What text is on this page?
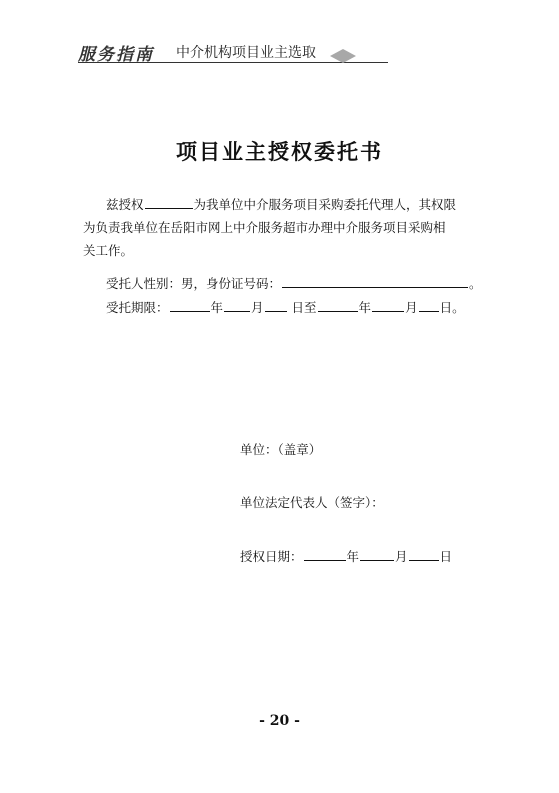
服务指南 中介机构项目业主选取
项目业主授权委托书
兹授权	为我单位中介服务项目采购委托代理人，其权限
为负责我单位在岳阳市网上中介服务超市办理中介服务项目采购相
关工作。
受托人性别：男，身份证号码：	。
受托期限：	年 月 日至	年	月 日。
单位：（盖章）
单位法定代表人（签字）：
授权日期：	年	月	日
- 20 -
